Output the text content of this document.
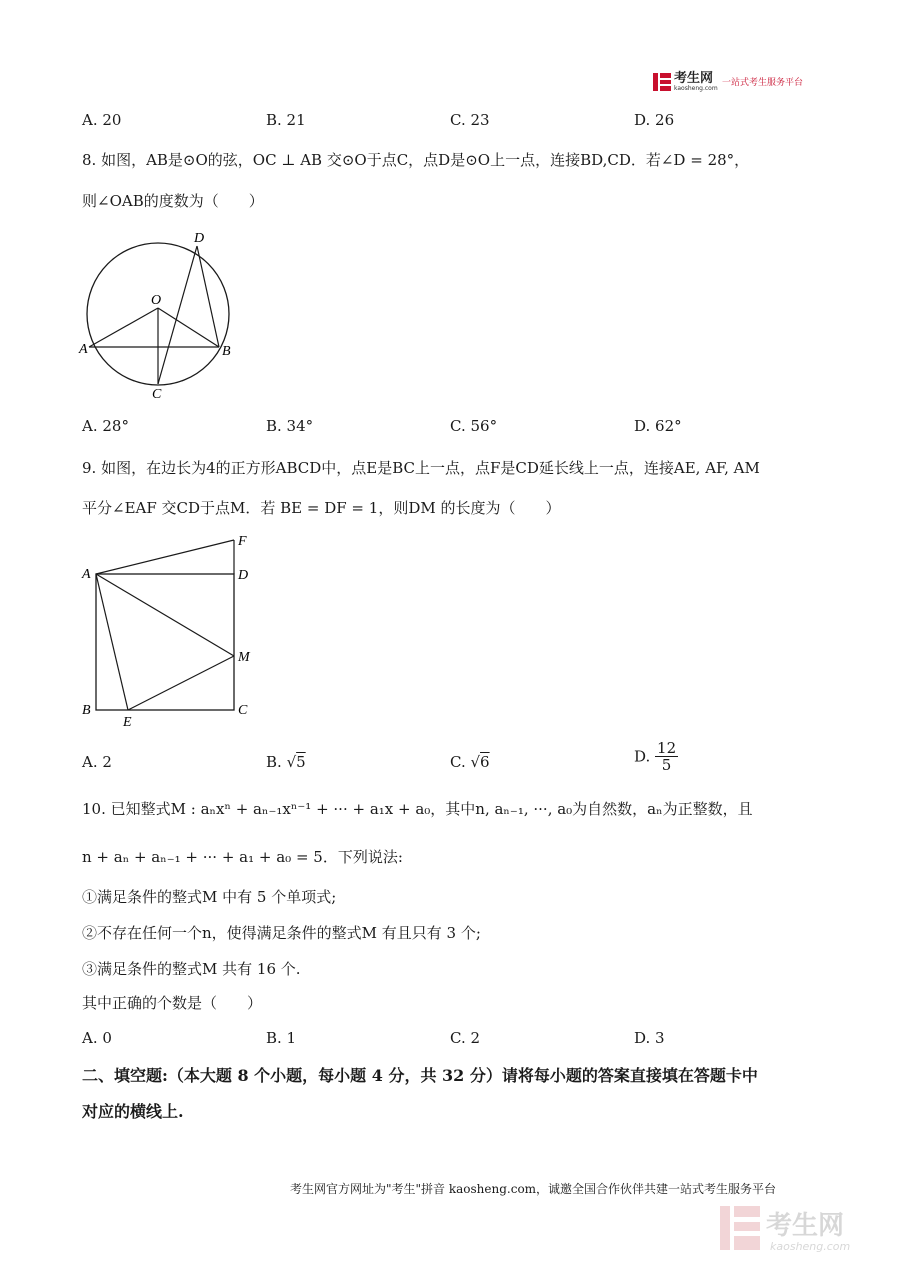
考生网
kaosheng.com
一站式考生服务平台
A. 20	B. 21	C. 23	D. 26
8. 如图，AB是⊙O的弦，OC ⊥ AB 交⊙O于点C，点D是⊙O上一点，连接BD,CD．若∠D = 28°，
则∠OAB的度数为（　　）
D
O
A	B
C
A. 28°	B. 34°	C. 56°	D. 62°
9. 如图，在边长为4的正方形ABCD中，点E是BC上一点，点F是CD延长线上一点，连接AE, AF, AM
平分∠EAF 交CD于点M．若 BE = DF = 1，则DM 的长度为（　　）
F
A	D
M
B	C
E
A. 2	B. √5	C. √6	D. $\frac{12}{5}$
10. 已知整式M : aₙxⁿ + aₙ₋₁xⁿ⁻¹ + ··· + a₁x + a₀，其中n, aₙ₋₁, ···, a₀为自然数，aₙ为正整数，且
n + aₙ + aₙ₋₁ + ··· + a₁ + a₀ = 5．下列说法:
①满足条件的整式M 中有 5 个单项式;
②不存在任何一个n，使得满足条件的整式M 有且只有 3 个;
③满足条件的整式M 共有 16 个.
其中正确的个数是（　　）
A. 0	B. 1	C. 2	D. 3
二、填空题:（本大题 8 个小题，每小题 4 分，共 32 分）请将每小题的答案直接填在答题卡中
对应的横线上.
考生网官方网址为"考生"拼音 kaosheng.com，诚邀全国合作伙伴共建一站式考生服务平台
考生网
kaosheng.com
